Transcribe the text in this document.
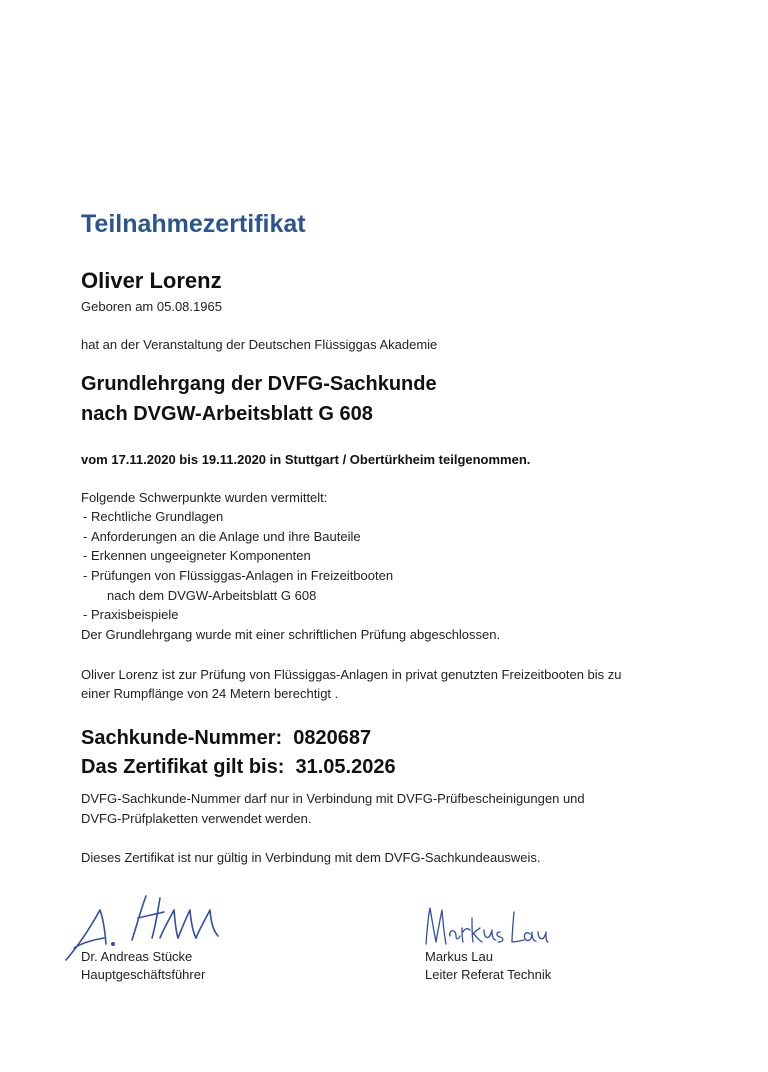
Teilnahmezertifikat
Oliver Lorenz
Geboren am 05.08.1965
hat an der Veranstaltung der Deutschen Flüssiggas Akademie
Grundlehrgang der DVFG-Sachkunde
nach DVGW-Arbeitsblatt G 608
vom 17.11.2020 bis 19.11.2020 in Stuttgart / Obertürkheim teilgenommen.
Folgende Schwerpunkte wurden vermittelt:
- Rechtliche Grundlagen
- Anforderungen an die Anlage und ihre Bauteile
- Erkennen ungeeigneter Komponenten
- Prüfungen von Flüssiggas-Anlagen in Freizeitbooten
nach dem DVGW-Arbeitsblatt G 608
- Praxisbeispiele
Der Grundlehrgang wurde mit einer schriftlichen Prüfung abgeschlossen.
Oliver Lorenz ist zur Prüfung von Flüssiggas-Anlagen in privat genutzten Freizeitbooten bis zu
einer Rumpflänge von 24 Metern berechtigt .
Sachkunde-Nummer: 0820687
Das Zertifikat gilt bis: 31.05.2026
DVFG-Sachkunde-Nummer darf nur in Verbindung mit DVFG-Prüfbescheinigungen und
DVFG-Prüfplaketten verwendet werden.
Dieses Zertifikat ist nur gültig in Verbindung mit dem DVFG-Sachkundeausweis.
Dr. Andreas Stücke
Hauptgeschäftsführer
Markus Lau
Leiter Referat Technik
